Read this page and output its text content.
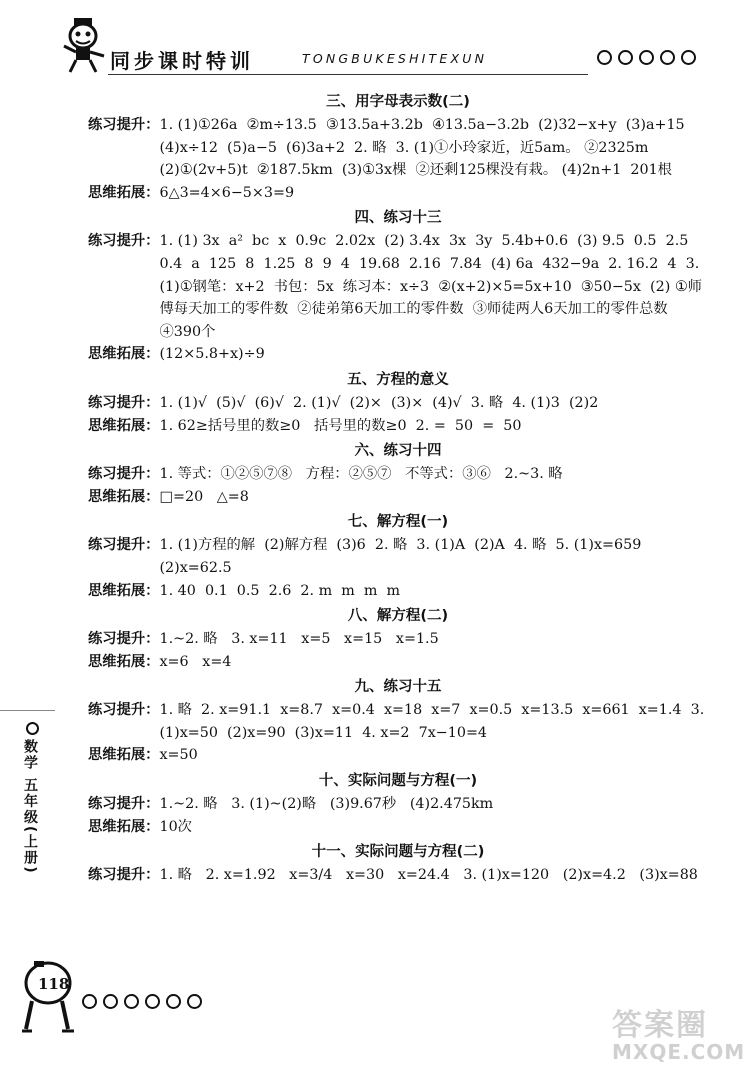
同步课时特训	TONGBUKESHITEXUN
三、用字母表示数(二)
练习提升： 1. (1)①26a  ②m÷13.5  ③13.5a+3.2b  ④13.5a−3.2b  (2)32−x+y  (3)a+15  (4)x÷12  (5)a−5  (6)3a+2  2. 略  3. (1)①小玲家近，近5am。 ②2325m  (2)①(2v+5)t  ②187.5km  (3)①3x棵  ②还剩125棵没有栽。 (4)2n+1  201根
思维拓展： 6△3=4×6−5×3=9
四、练习十三
练习提升： 1. (1) 3x  a²  bc  x  0.9c  2.02x  (2) 3.4x  3x  3y  5.4b+0.6  (3) 9.5  0.5  2.5  0.4  a  125  8  1.25  8  9  4  19.68  2.16  7.84  (4) 6a  432−9a  2. 16.2  4  3. (1)①钢笔：x+2  书包：5x  练习本：x÷3  ②(x+2)×5=5x+10  ③50−5x  (2) ①师傅每天加工的零件数  ②徒弟第6天加工的零件数  ③师徒两人6天加工的零件总数  ④390个
思维拓展： (12×5.8+x)÷9
五、方程的意义
练习提升： 1. (1)√  (5)√  (6)√  2. (1)√  (2)×  (3)×  (4)√  3. 略  4. (1)3  (2)2
思维拓展： 1. 62≥括号里的数≥0   括号里的数≥0  2. =  50  =  50
六、练习十四
练习提升： 1. 等式：①②⑤⑦⑧   方程：②⑤⑦   不等式：③⑥   2.~3. 略
思维拓展： □=20   △=8
七、解方程(一)
练习提升： 1. (1)方程的解  (2)解方程  (3)6  2. 略  3. (1)A  (2)A  4. 略  5. (1)x=659  (2)x=62.5
思维拓展： 1. 40  0.1  0.5  2.6  2. m  m  m  m
八、解方程(二)
练习提升： 1.~2. 略   3. x=11   x=5   x=15   x=1.5
思维拓展： x=6   x=4
九、练习十五
练习提升： 1. 略  2. x=91.1  x=8.7  x=0.4  x=18  x=7  x=0.5  x=13.5  x=661  x=1.4  3. (1)x=50  (2)x=90  (3)x=11  4. x=2  7x−10=4
思维拓展： x=50
十、实际问题与方程(一)
练习提升： 1.~2. 略   3. (1)~(2)略   (3)9.67秒   (4)2.475km
思维拓展： 10次
十一、实际问题与方程(二)
练习提升： 1. 略   2. x=1.92   x=3/4   x=30   x=24.4   3. (1)x=120   (2)x=4.2   (3)x=88
数学 五年级(上册)
118
答案圈
MXQE.COM
